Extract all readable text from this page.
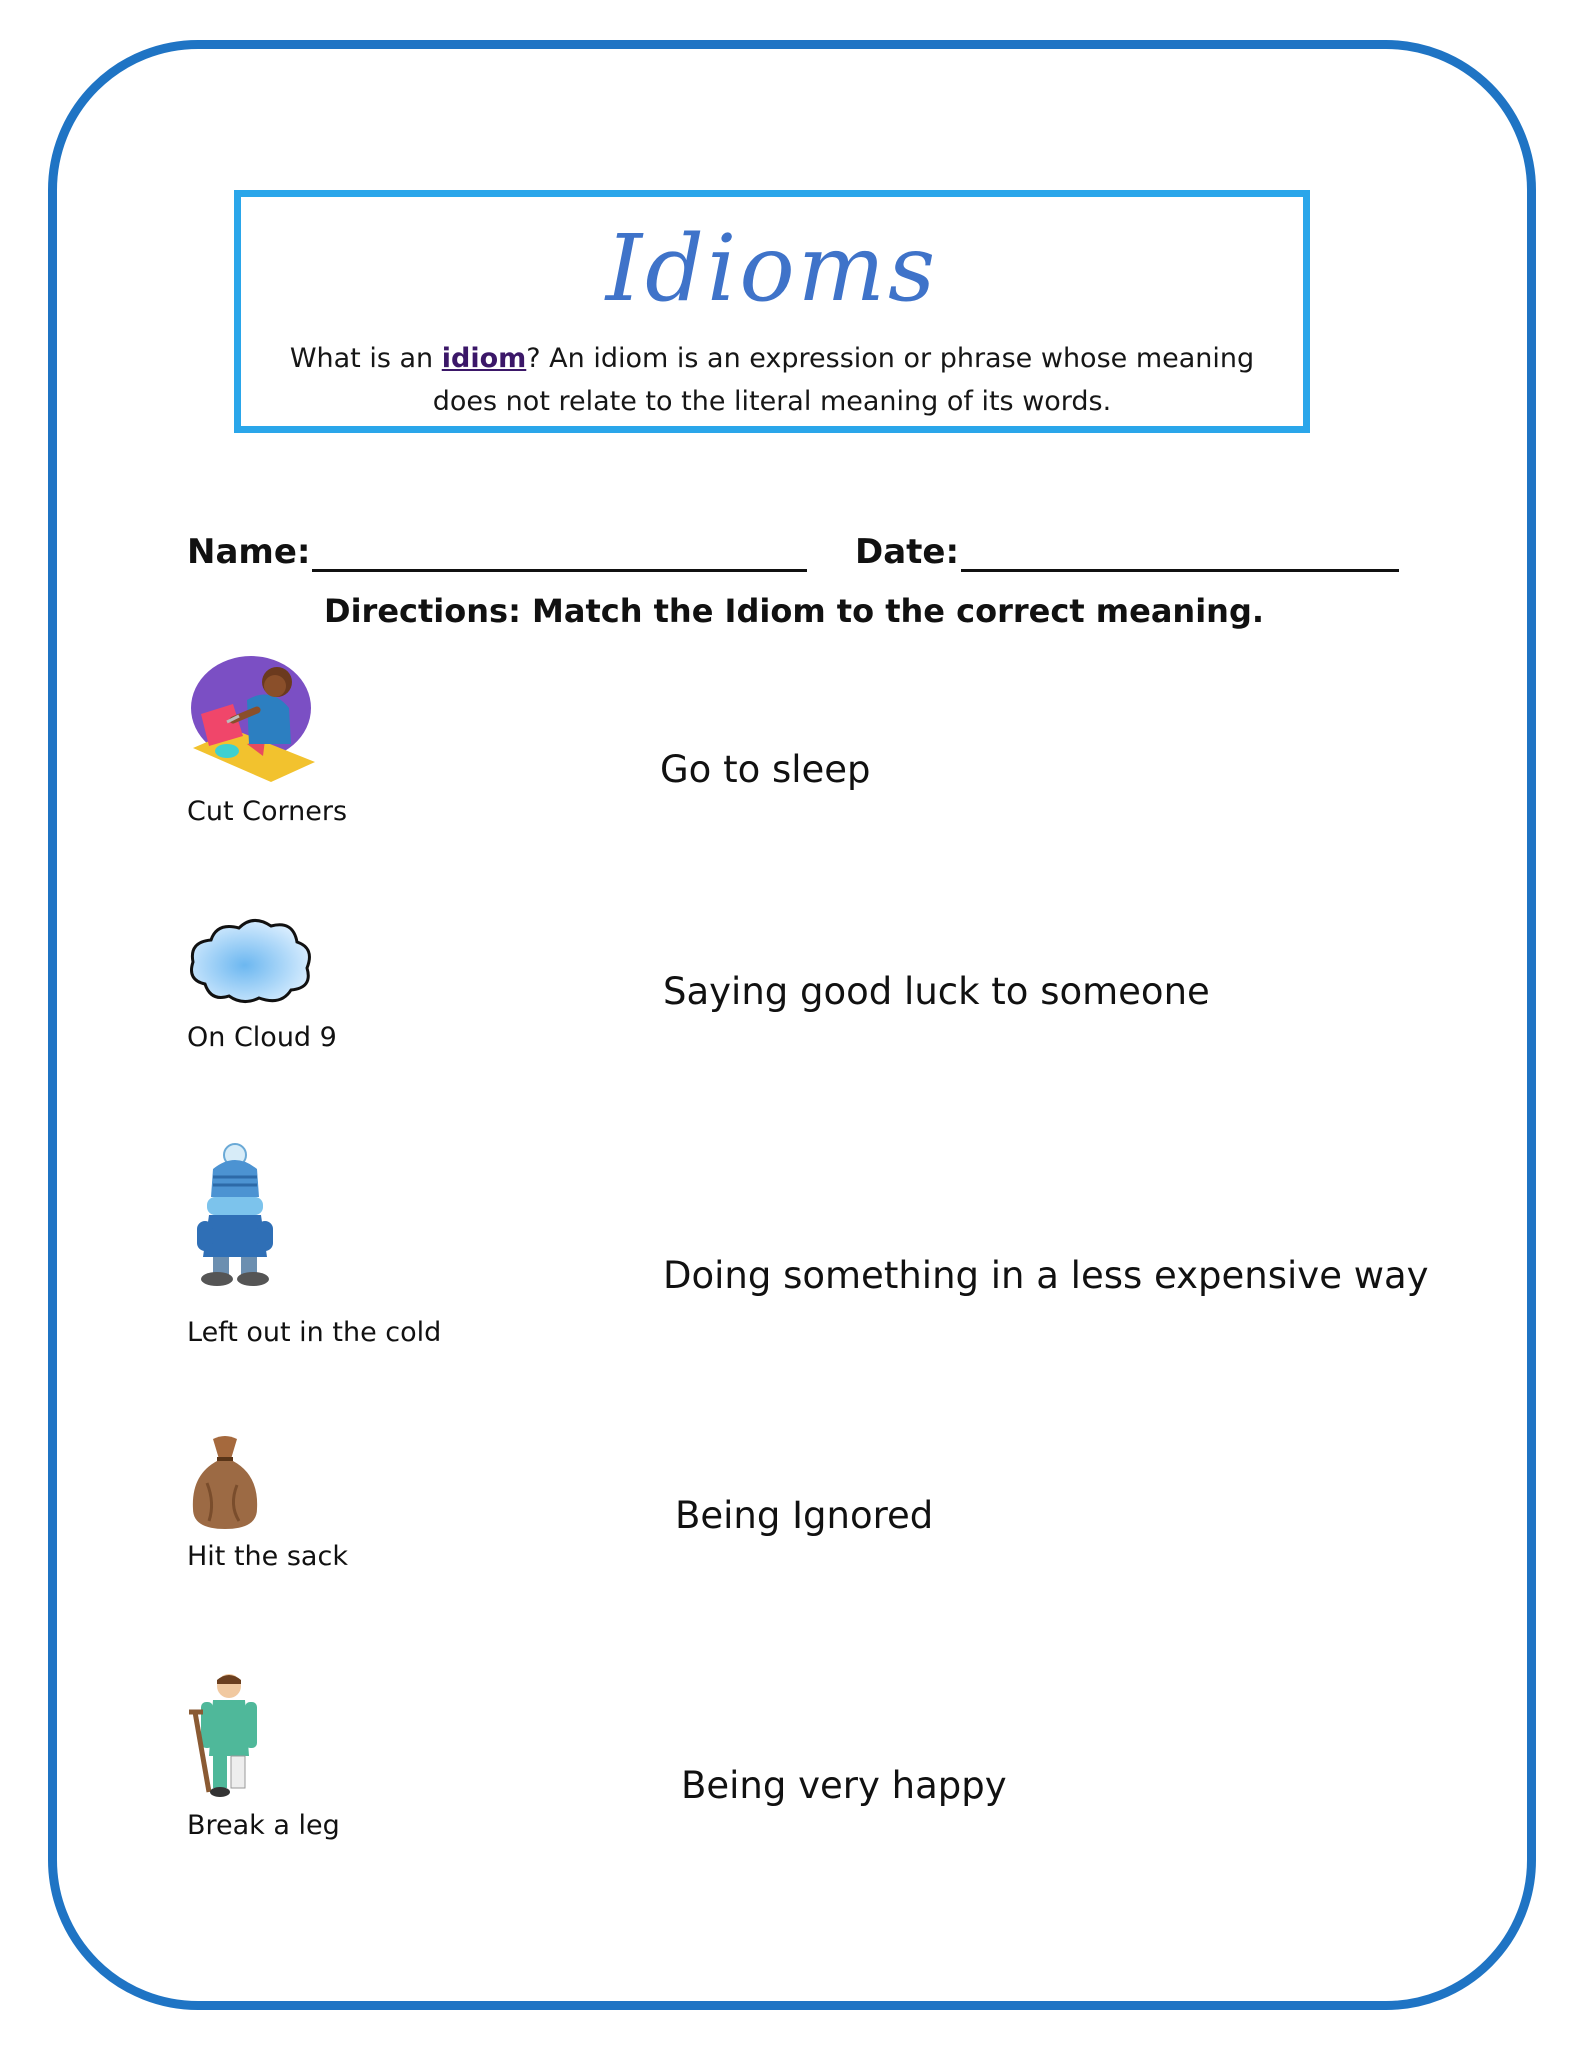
Idioms
What is an idiom? An idiom is an expression or phrase whose meaning does not relate to the literal meaning of its words.
Name:	Date:
Directions: Match the Idiom to the correct meaning.
Cut Corners
On Cloud 9
Left out in the cold
Hit the sack
Break a leg
Go to sleep
Saying good luck to someone
Doing something in a less expensive way
Being Ignored
Being very happy
